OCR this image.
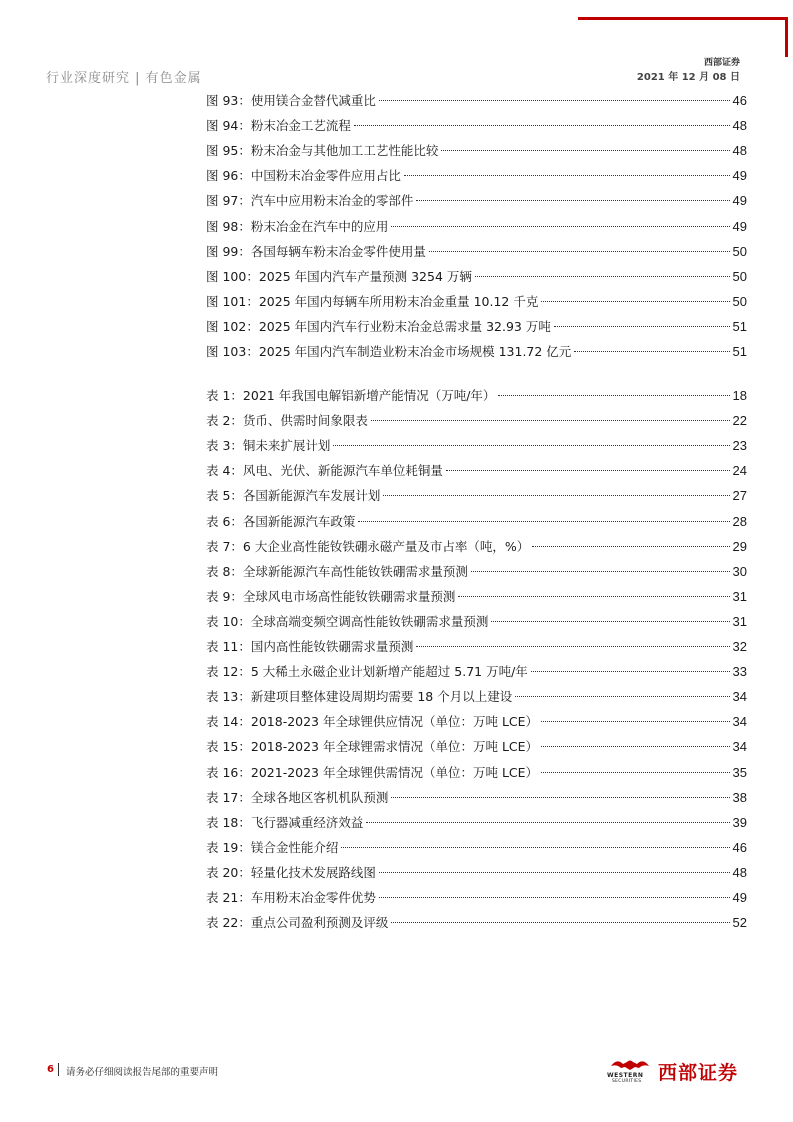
行业深度研究 | 有色金属
西部证券
2021 年 12 月 08 日
图 93：使用镁合金替代减重比	46
图 94：粉末冶金工艺流程	48
图 95：粉末冶金与其他加工工艺性能比较	48
图 96：中国粉末冶金零件应用占比	49
图 97：汽车中应用粉末冶金的零部件	49
图 98：粉末冶金在汽车中的应用	49
图 99：各国每辆车粉末冶金零件使用量	50
图 100：2025 年国内汽车产量预测 3254 万辆	50
图 101：2025 年国内每辆车所用粉末冶金重量 10.12 千克	50
图 102：2025 年国内汽车行业粉末冶金总需求量 32.93 万吨	51
图 103：2025 年国内汽车制造业粉末冶金市场规模 131.72 亿元	51
表 1：2021 年我国电解铝新增产能情况（万吨/年）	18
表 2：货币、供需时间象限表	22
表 3：铜未来扩展计划	23
表 4：风电、光伏、新能源汽车单位耗铜量	24
表 5：各国新能源汽车发展计划	27
表 6：各国新能源汽车政策	28
表 7：6 大企业高性能钕铁硼永磁产量及市占率（吨，%）	29
表 8：全球新能源汽车高性能钕铁硼需求量预测	30
表 9：全球风电市场高性能钕铁硼需求量预测	31
表 10：全球高端变频空调高性能钕铁硼需求量预测	31
表 11：国内高性能钕铁硼需求量预测	32
表 12：5 大稀土永磁企业计划新增产能超过 5.71 万吨/年	33
表 13：新建项目整体建设周期均需要 18 个月以上建设	34
表 14：2018-2023 年全球锂供应情况（单位：万吨 LCE）	34
表 15：2018-2023 年全球锂需求情况（单位：万吨 LCE）	34
表 16：2021-2023 年全球锂供需情况（单位：万吨 LCE）	35
表 17：全球各地区客机机队预测	38
表 18：飞行器减重经济效益	39
表 19：镁合金性能介绍	46
表 20：轻量化技术发展路线图	48
表 21：车用粉末冶金零件优势	49
表 22：重点公司盈利预测及评级	52
6 请务必仔细阅读报告尾部的重要声明	WESTERN
SECURITIES 西部证券
